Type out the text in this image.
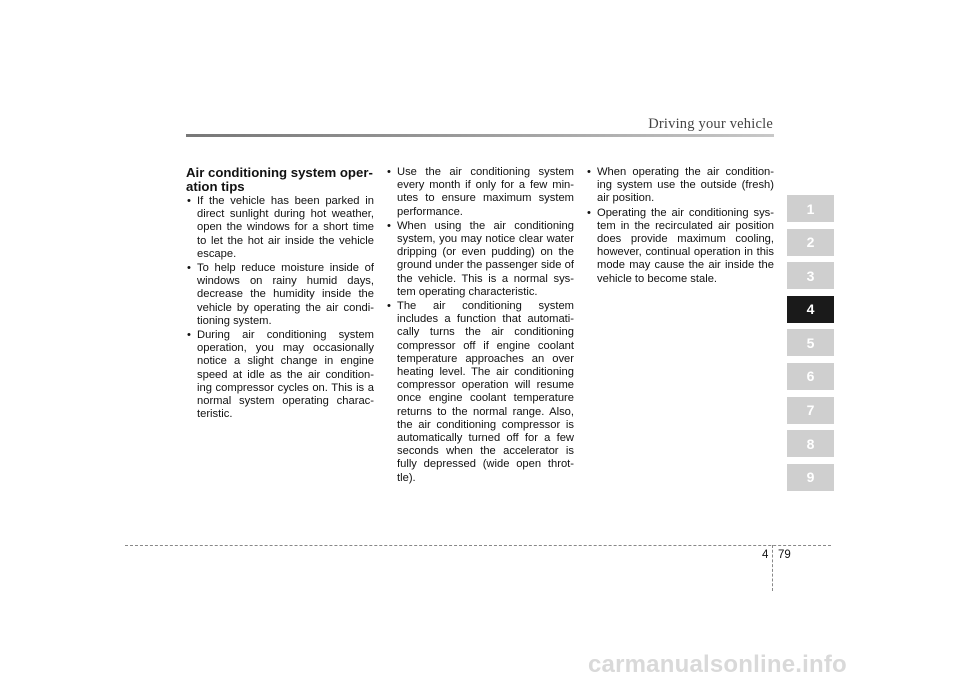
Driving your vehicle
Air conditioning system oper-ation tips
• If the vehicle has been parked in direct sunlight during hot weather, open the windows for a short time to let the hot air inside the vehicle escape.
• To help reduce moisture inside of windows on rainy humid days, decrease the humidity inside the vehicle by operating the air condi-tioning system.
• During air conditioning system operation, you may occasionally notice a slight change in engine speed at idle as the air condition-ing compressor cycles on. This is a normal system operating charac-teristic.
• Use the air conditioning system every month if only for a few min-utes to ensure maximum system performance.
• When using the air conditioning system, you may notice clear water dripping (or even pudding) on the ground under the passenger side of the vehicle. This is a normal sys-tem operating characteristic.
• The air conditioning system includes a function that automati-cally turns the air conditioning compressor off if engine coolant temperature approaches an over heating level. The air conditioning compressor operation will resume once engine coolant temperature returns to the normal range. Also, the air conditioning compressor is automatically turned off for a few seconds when the accelerator is fully depressed (wide open throt-tle).
• When operating the air condition-ing system use the outside (fresh) air position.
• Operating the air conditioning sys-tem in the recirculated air position does provide maximum cooling, however, continual operation in this mode may cause the air inside the vehicle to become stale.
1
2
3
4
5
6
7
8
9
4 79
carmanualsonline.info
